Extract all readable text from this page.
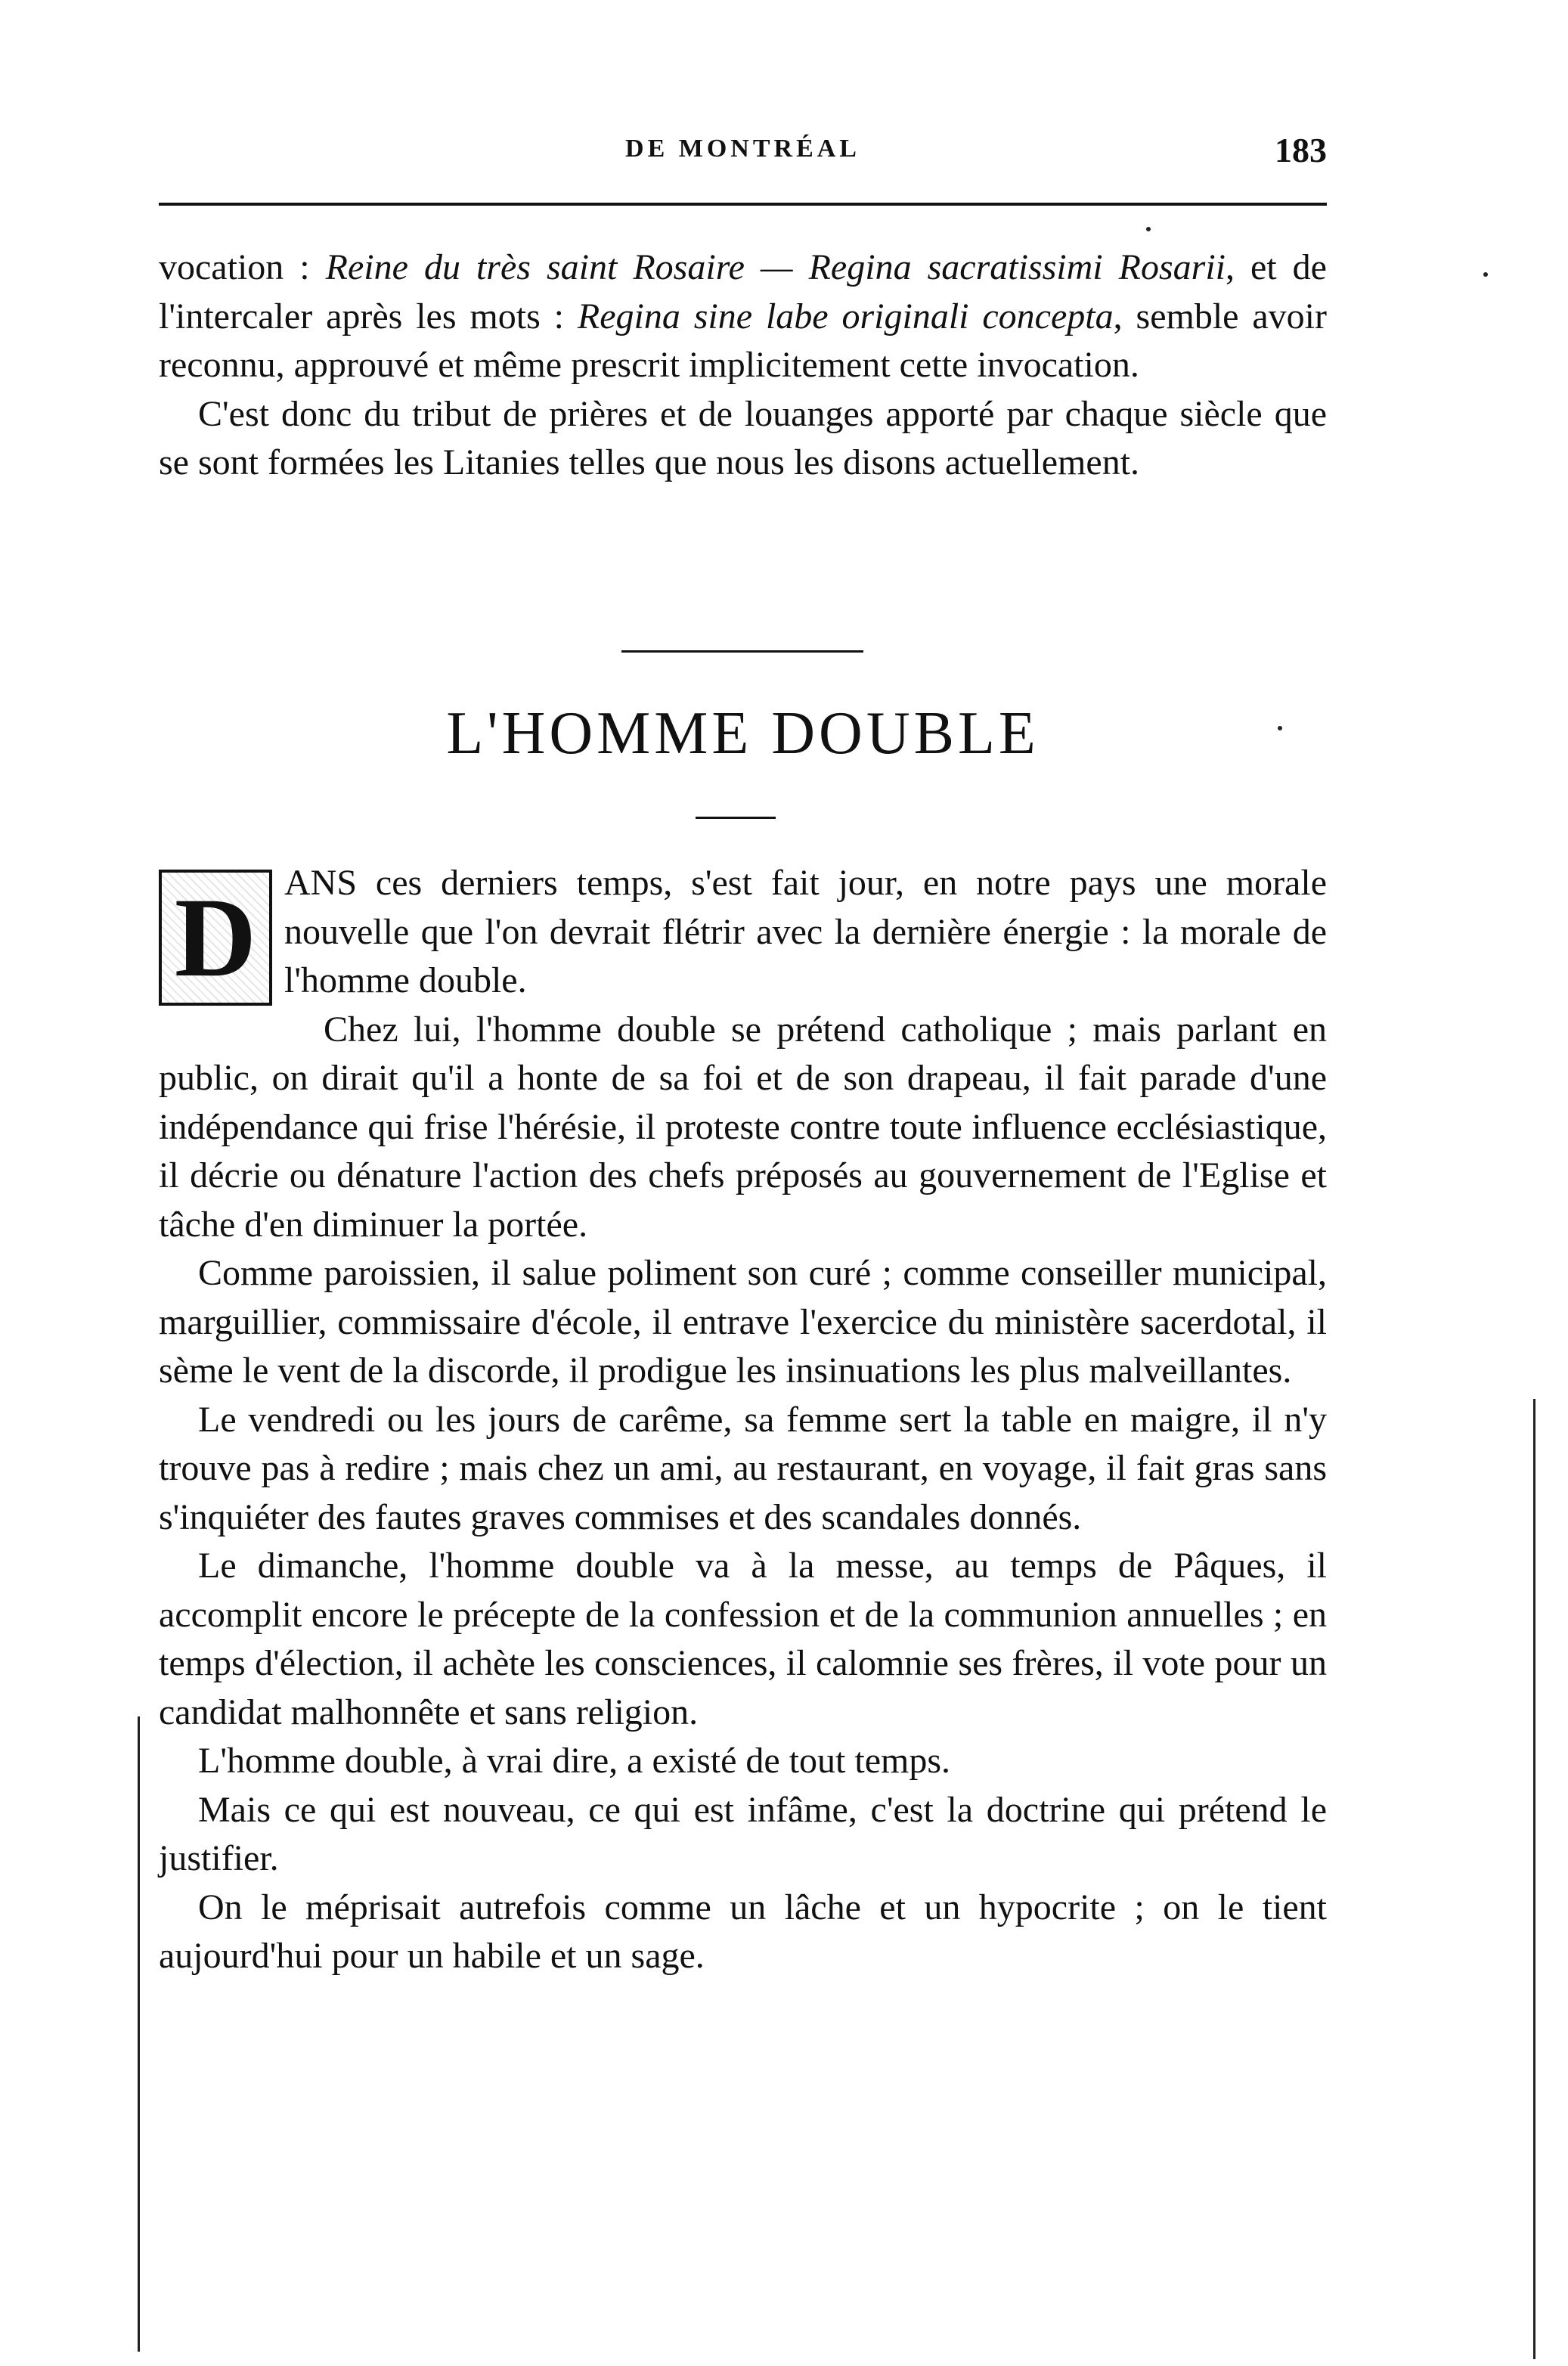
DE MONTRÉAL	183

vocation : Reine du très saint Rosaire — Regina sacratissimi Rosarii, et de l'intercaler après les mots : Regina sine labe originali concepta, semble avoir reconnu, approuvé et même prescrit implicitement cette invocation.

C'est donc du tribut de prières et de louanges apporté par chaque siècle que se sont formées les Litanies telles que nous les disons actuellement.

L'HOMME DOUBLE
D ANS ces derniers temps, s'est fait jour, en notre pays une morale nouvelle que l'on devrait flétrir avec la dernière énergie : la morale de l'homme double.

Chez lui, l'homme double se prétend catholique ; mais parlant en public, on dirait qu'il a honte de sa foi et de son drapeau, il fait parade d'une indépendance qui frise l'hérésie, il proteste contre toute influence ecclésiastique, il décrie ou dénature l'action des chefs préposés au gouvernement de l'Eglise et tâche d'en diminuer la portée.

Comme paroissien, il salue poliment son curé ; comme conseiller municipal, marguillier, commissaire d'école, il entrave l'exercice du ministère sacerdotal, il sème le vent de la discorde, il prodigue les insinuations les plus malveillantes.

Le vendredi ou les jours de carême, sa femme sert la table en maigre, il n'y trouve pas à redire ; mais chez un ami, au restaurant, en voyage, il fait gras sans s'inquiéter des fautes graves commises et des scandales donnés.

Le dimanche, l'homme double va à la messe, au temps de Pâques, il accomplit encore le précepte de la confession et de la communion annuelles ; en temps d'élection, il achète les consciences, il calomnie ses frères, il vote pour un candidat malhonnête et sans religion.

L'homme double, à vrai dire, a existé de tout temps.

Mais ce qui est nouveau, ce qui est infâme, c'est la doctrine qui prétend le justifier.

On le méprisait autrefois comme un lâche et un hypocrite ; on le tient aujourd'hui pour un habile et un sage.
